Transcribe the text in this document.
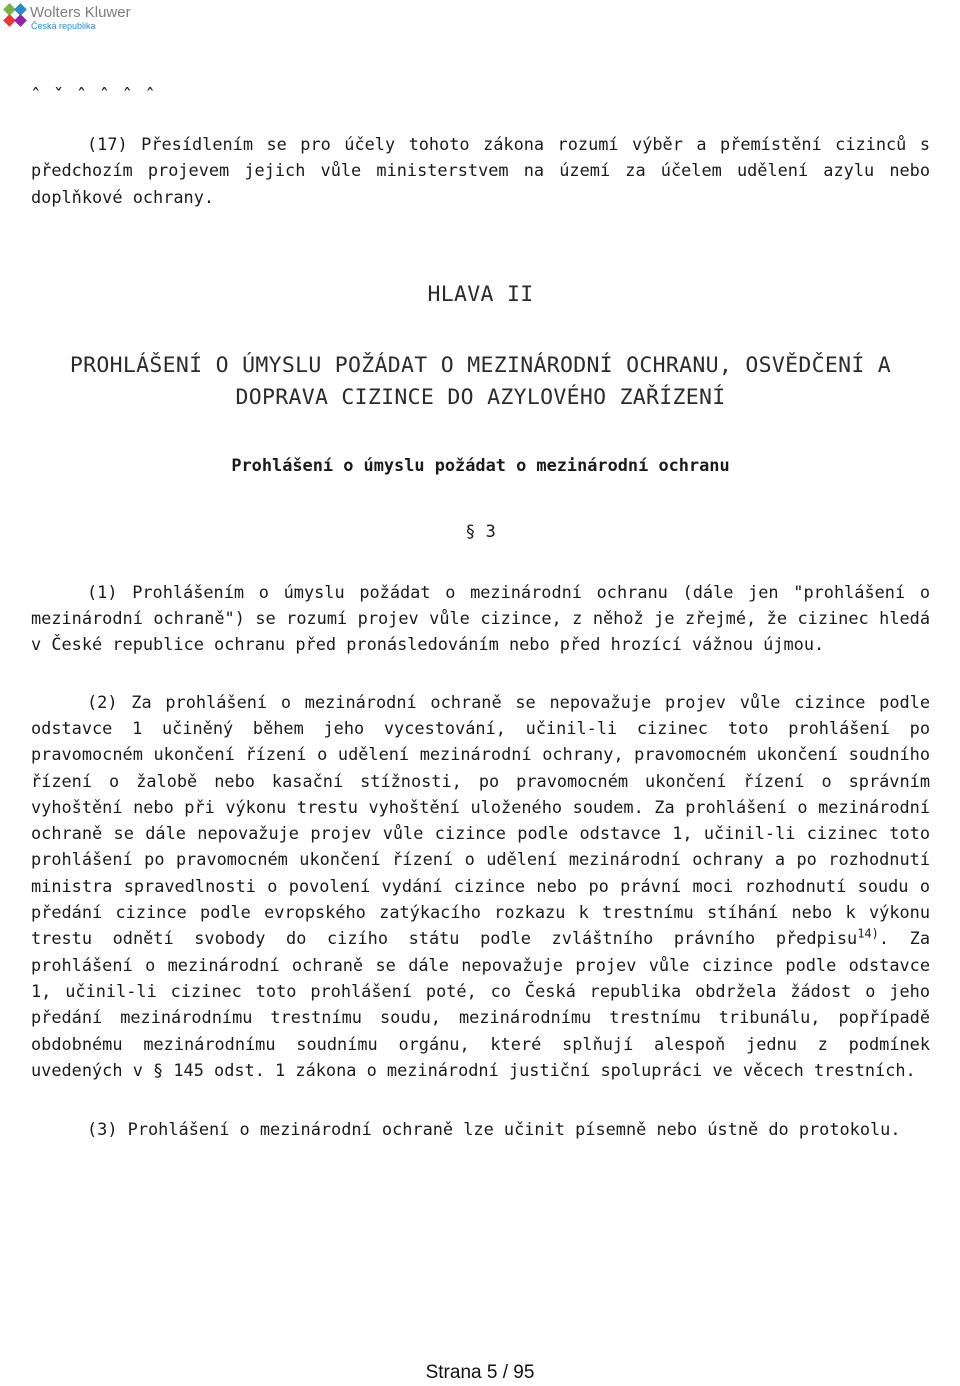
Wolters Kluwer
Česká republika
ˆ ˇ ˆ ˆ ˆ ˆ

(17) Přesídlením se pro účely tohoto zákona rozumí výběr a přemístění cizinců s předchozím projevem jejich vůle ministerstvem na území za účelem udělení azylu nebo doplňkové ochrany.

HLAVA II
PROHLÁŠENÍ O ÚMYSLU POŽÁDAT O MEZINÁRODNÍ OCHRANU, OSVĚDČENÍ A
DOPRAVA CIZINCE DO AZYLOVÉHO ZAŘÍZENÍ
Prohlášení o úmyslu požádat o mezinárodní ochranu
§ 3

(1) Prohlášením o úmyslu požádat o mezinárodní ochranu (dále jen "prohlášení o mezinárodní ochraně") se rozumí projev vůle cizince, z něhož je zřejmé, že cizinec hledá v České republice ochranu před pronásledováním nebo před hrozící vážnou újmou.

(2) Za prohlášení o mezinárodní ochraně se nepovažuje projev vůle cizince podle odstavce 1 učiněný během jeho vycestování, učinil-li cizinec toto prohlášení po pravomocném ukončení řízení o udělení mezinárodní ochrany, pravomocném ukončení soudního řízení o žalobě nebo kasační stížnosti, po pravomocném ukončení řízení o správním vyhoštění nebo při výkonu trestu vyhoštění uloženého soudem. Za prohlášení o mezinárodní ochraně se dále nepovažuje projev vůle cizince podle odstavce 1, učinil-li cizinec toto prohlášení po pravomocném ukončení řízení o udělení mezinárodní ochrany a po rozhodnutí ministra spravedlnosti o povolení vydání cizince nebo po právní moci rozhodnutí soudu o předání cizince podle evropského zatýkacího rozkazu k trestnímu stíhání nebo k výkonu trestu odnětí svobody do cizího státu podle zvláštního právního předpisu$^{14)}$. Za prohlášení o mezinárodní ochraně se dále nepovažuje projev vůle cizince podle odstavce 1, učinil-li cizinec toto prohlášení poté, co Česká republika obdržela žádost o jeho předání mezinárodnímu trestnímu soudu, mezinárodnímu trestnímu tribunálu, popřípadě obdobnému mezinárodnímu soudnímu orgánu, které splňují alespoň jednu z podmínek uvedených v § 145 odst. 1 zákona o mezinárodní justiční spolupráci ve věcech trestních.

(3) Prohlášení o mezinárodní ochraně lze učinit písemně nebo ústně do protokolu.

Strana 5 / 95
